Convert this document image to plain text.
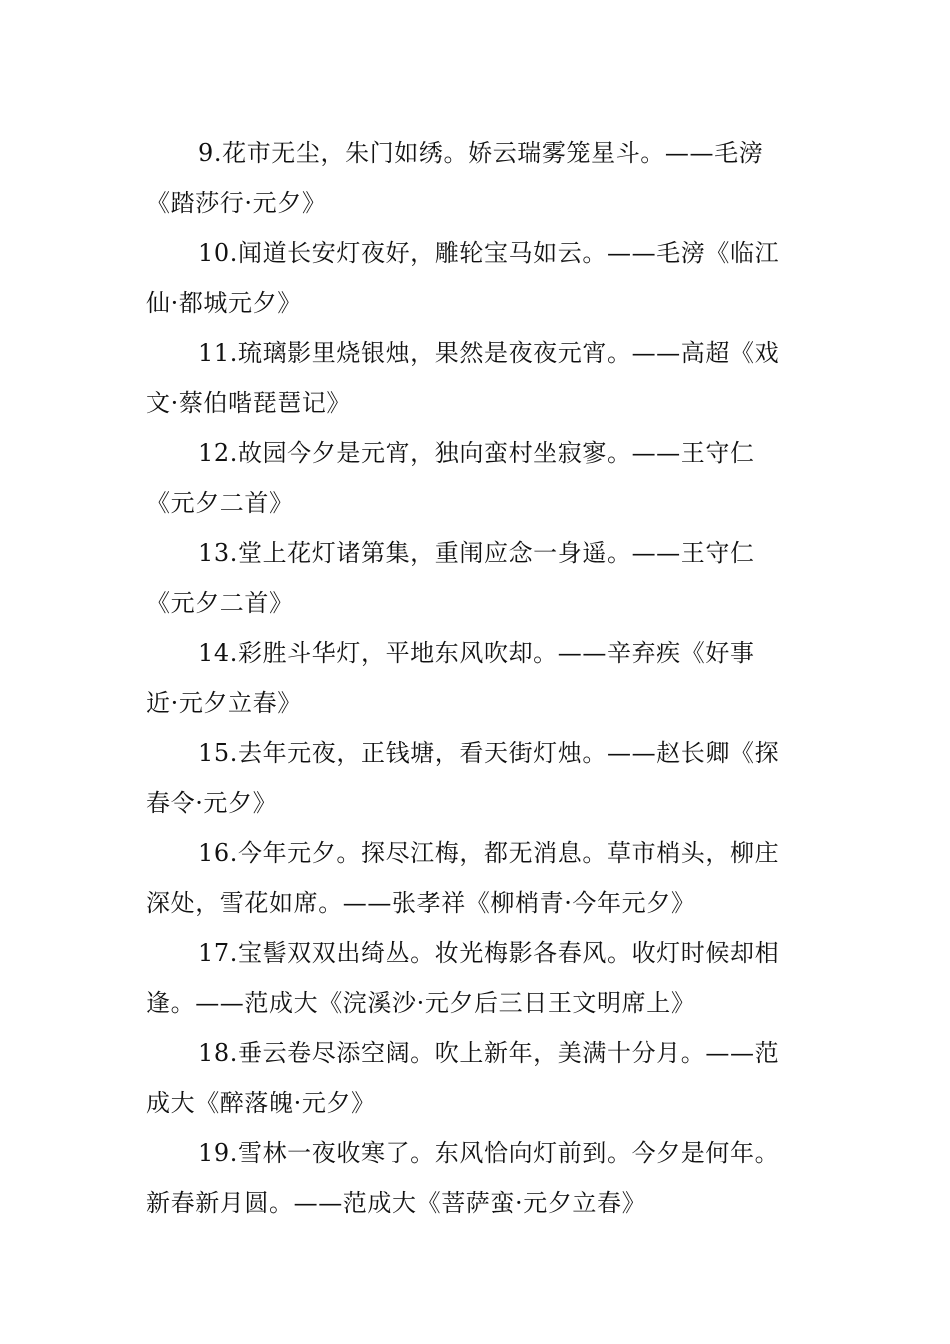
9.花市无尘，朱门如绣。娇云瑞雾笼星斗。——毛滂
《踏莎行·元夕》
10.闻道长安灯夜好，雕轮宝马如云。——毛滂《临江
仙·都城元夕》
11.琉璃影里烧银烛，果然是夜夜元宵。——高超《戏
文·蔡伯喈琵琶记》
12.故园今夕是元宵，独向蛮村坐寂寥。——王守仁
《元夕二首》
13.堂上花灯诸第集，重闱应念一身遥。——王守仁
《元夕二首》
14.彩胜斗华灯，平地东风吹却。——辛弃疾《好事
近·元夕立春》
15.去年元夜，正钱塘，看天街灯烛。——赵长卿《探
春令·元夕》
16.今年元夕。探尽江梅，都无消息。草市梢头，柳庄
深处，雪花如席。——张孝祥《柳梢青·今年元夕》
17.宝髻双双出绮丛。妆光梅影各春风。收灯时候却相
逢。——范成大《浣溪沙·元夕后三日王文明席上》
18.垂云卷尽添空阔。吹上新年，美满十分月。——范
成大《醉落魄·元夕》
19.雪林一夜收寒了。东风恰向灯前到。今夕是何年。
新春新月圆。——范成大《菩萨蛮·元夕立春》
